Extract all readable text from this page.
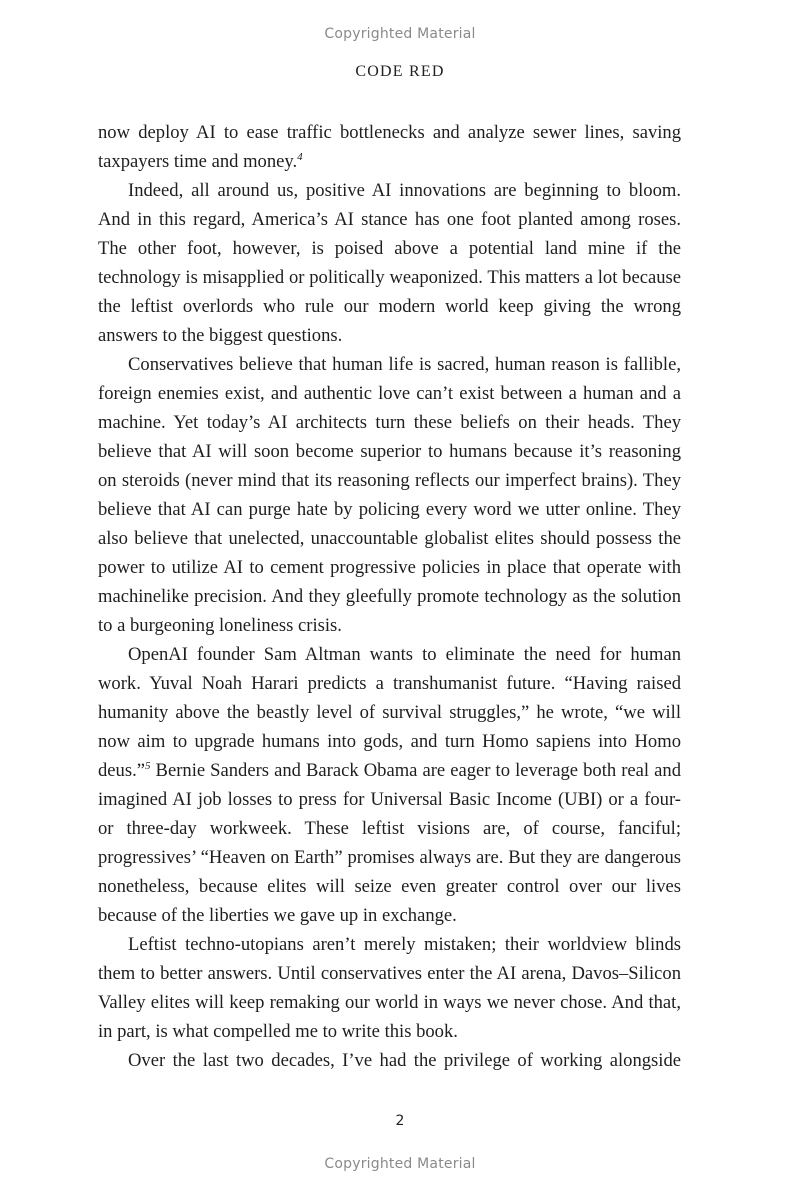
Copyrighted Material
CODE RED

now deploy AI to ease traffic bottlenecks and analyze sewer lines, saving taxpayers time and money.$^4$

Indeed, all around us, positive AI innovations are beginning to bloom. And in this regard, America’s AI stance has one foot planted among roses. The other foot, however, is poised above a potential land mine if the technology is misapplied or politically weaponized. This matters a lot because the leftist overlords who rule our modern world keep giving the wrong answers to the biggest questions.

Conservatives believe that human life is sacred, human reason is fallible, foreign enemies exist, and authentic love can’t exist between a human and a machine. Yet today’s AI architects turn these beliefs on their heads. They believe that AI will soon become superior to humans because it’s reasoning on steroids (never mind that its reasoning reflects our imperfect brains). They believe that AI can purge hate by policing every word we utter online. They also believe that unelected, unaccountable globalist elites should possess the power to utilize AI to cement progressive policies in place that operate with machinelike precision. And they gleefully promote technology as the solution to a burgeoning loneliness crisis.

OpenAI founder Sam Altman wants to eliminate the need for human work. Yuval Noah Harari predicts a transhumanist future. “Having raised humanity above the beastly level of survival struggles,” he wrote, “we will now aim to upgrade humans into gods, and turn Homo sapiens into Homo deus.”$^5$ Bernie Sanders and Barack Obama are eager to leverage both real and imagined AI job losses to press for Universal Basic Income (UBI) or a four- or three-day workweek. These leftist visions are, of course, fanciful; progressives’ “Heaven on Earth” promises always are. But they are dangerous nonetheless, because elites will seize even greater control over our lives because of the liberties we gave up in exchange.

Leftist techno-utopians aren’t merely mistaken; their worldview blinds them to better answers. Until conservatives enter the AI arena, Davos–Silicon Valley elites will keep remaking our world in ways we never chose. And that, in part, is what compelled me to write this book.

Over the last two decades, I’ve had the privilege of working alongside

2
Copyrighted Material
